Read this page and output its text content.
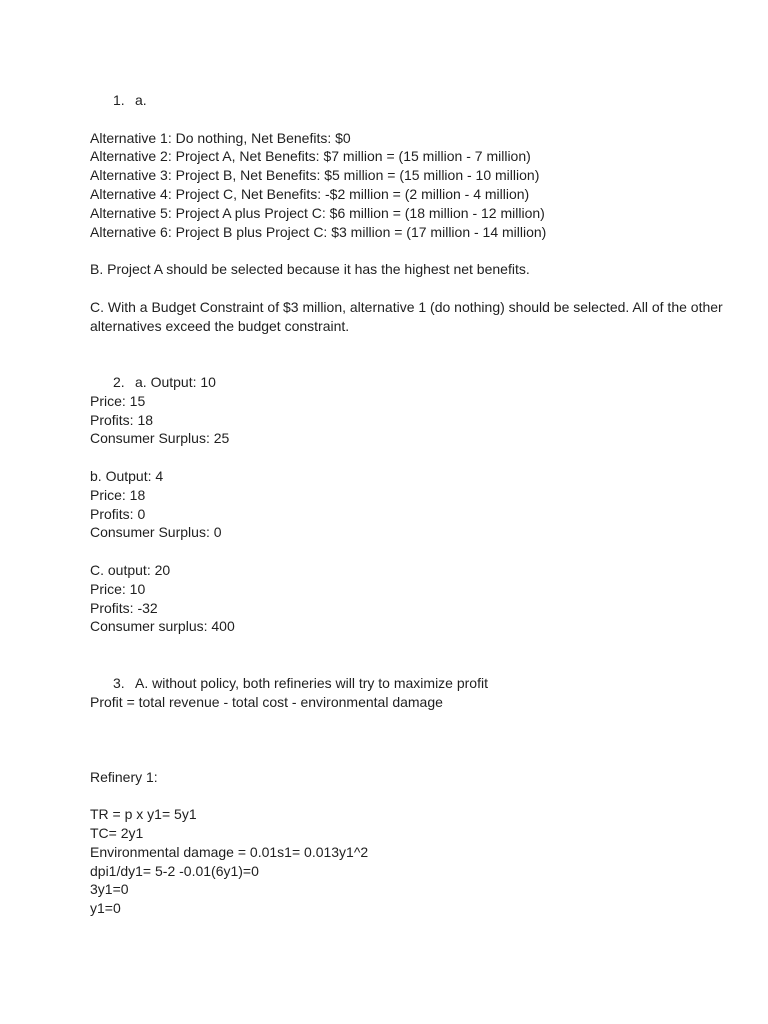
1. a.
Alternative 1: Do nothing, Net Benefits: $0
Alternative 2: Project A, Net Benefits: $7 million = (15 million - 7 million)
Alternative 3: Project B, Net Benefits: $5 million = (15 million - 10 million)
Alternative 4: Project C, Net Benefits: -$2 million = (2 million - 4 million)
Alternative 5: Project A plus Project C: $6 million = (18 million - 12 million)
Alternative 6: Project B plus Project C: $3 million = (17 million - 14 million)
B. Project A should be selected because it has the highest net benefits.
C. With a Budget Constraint of $3 million, alternative 1 (do nothing) should be selected. All of the other alternatives exceed the budget constraint.
2. a. Output: 10
Price: 15
Profits: 18
Consumer Surplus: 25
b. Output: 4
Price: 18
Profits: 0
Consumer Surplus: 0
C. output: 20
Price: 10
Profits: -32
Consumer surplus: 400
3. A. without policy, both refineries will try to maximize profit
Profit = total revenue - total cost - environmental damage
Refinery 1:
TR = p x y1= 5y1
TC= 2y1
Environmental damage = 0.01s1= 0.013y1^2
dpi1/dy1= 5-2 -0.01(6y1)=0
3y1=0
y1=0
